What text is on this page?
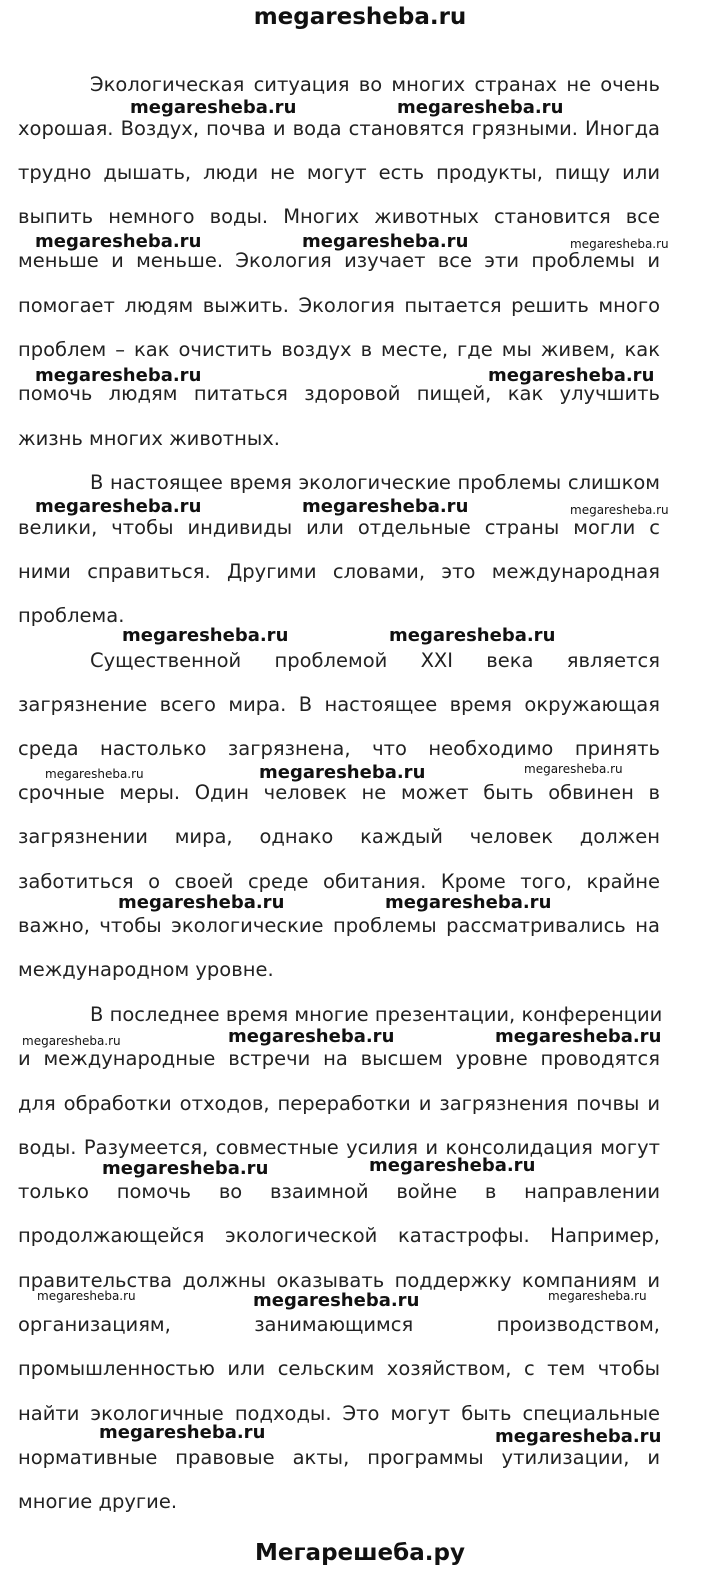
megaresheba.ru
Экологическая ситуация во многих странах не очень
хорошая. Воздух, почва и вода становятся грязными. Иногда
трудно дышать, люди не могут есть продукты, пищу или
выпить немного воды. Многих животных становится все
меньше и меньше. Экология изучает все эти проблемы и
помогает людям выжить. Экология пытается решить много
проблем – как очистить воздух в месте, где мы живем, как
помочь людям питаться здоровой пищей, как улучшить
жизнь многих животных.
В настоящее время экологические проблемы слишком
велики, чтобы индивиды или отдельные страны могли с
ними справиться. Другими словами, это международная
проблема.
Существенной проблемой XXI века является
загрязнение всего мира. В настоящее время окружающая
среда настолько загрязнена, что необходимо принять
срочные меры. Один человек не может быть обвинен в
загрязнении мира, однако каждый человек должен
заботиться о своей среде обитания. Кроме того, крайне
важно, чтобы экологические проблемы рассматривались на
международном уровне.
В последнее время многие презентации, конференции
и международные встречи на высшем уровне проводятся
для обработки отходов, переработки и загрязнения почвы и
воды. Разумеется, совместные усилия и консолидация могут
только помочь во взаимной войне в направлении
продолжающейся экологической катастрофы. Например,
правительства должны оказывать поддержку компаниям и
организациям, занимающимся производством,
промышленностью или сельским хозяйством, с тем чтобы
найти экологичные подходы. Это могут быть специальные
нормативные правовые акты, программы утилизации, и
многие другие.
megaresheba.ru	megaresheba.ru
megaresheba.ru	megaresheba.ru	megaresheba.ru
megaresheba.ru	megaresheba.ru
megaresheba.ru	megaresheba.ru	megaresheba.ru
megaresheba.ru	megaresheba.ru
megaresheba.ru	megaresheba.ru	megaresheba.ru
megaresheba.ru	megaresheba.ru
megaresheba.ru	megaresheba.ru	megaresheba.ru
megaresheba.ru	megaresheba.ru
megaresheba.ru	megaresheba.ru	megaresheba.ru
megaresheba.ru	megaresheba.ru
Мегарешеба.ру
